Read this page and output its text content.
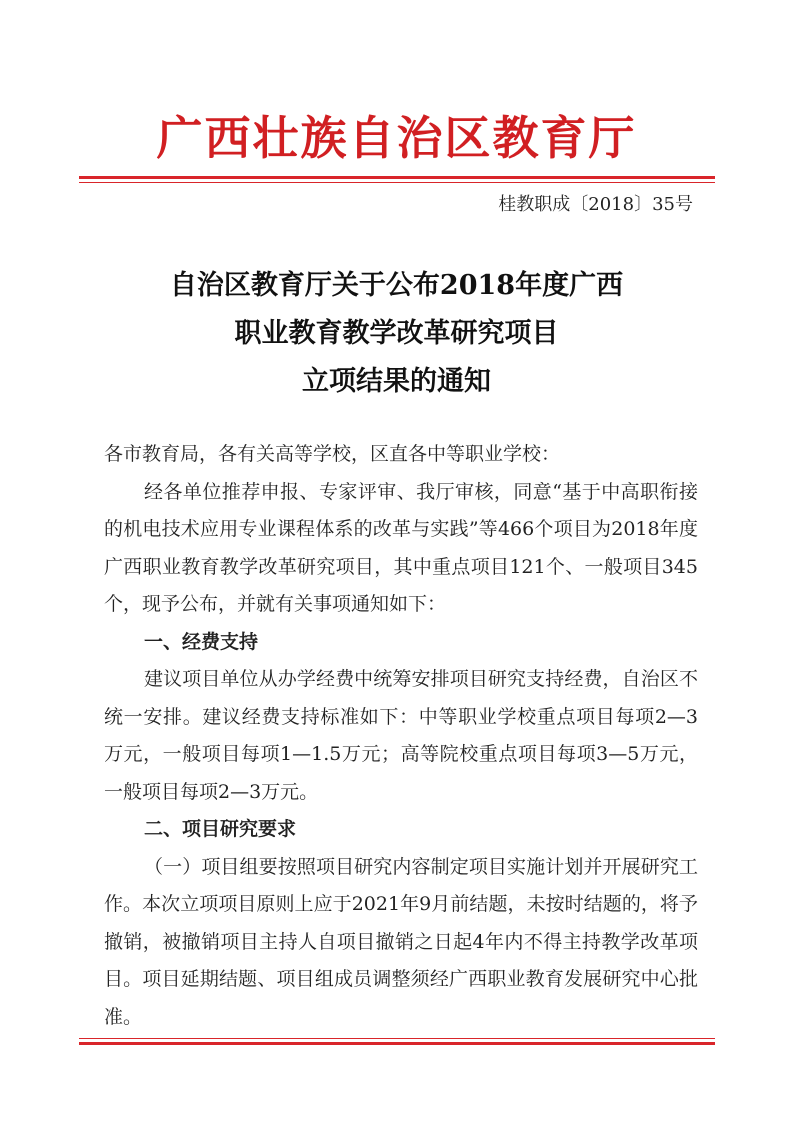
广西壮族自治区教育厅
桂教职成〔2018〕35号
自治区教育厅关于公布2018年度广西
职业教育教学改革研究项目
立项结果的通知

各市教育局，各有关高等学校，区直各中等职业学校：

经各单位推荐申报、专家评审、我厅审核，同意“基于中高职衔接的机电技术应用专业课程体系的改革与实践”等466个项目为2018年度广西职业教育教学改革研究项目，其中重点项目121个、一般项目345个，现予公布，并就有关事项通知如下：

一、经费支持

建议项目单位从办学经费中统筹安排项目研究支持经费，自治区不统一安排。建议经费支持标准如下：中等职业学校重点项目每项2—3万元，一般项目每项1—1.5万元；高等院校重点项目每项3—5万元，一般项目每项2—3万元。

二、项目研究要求

（一）项目组要按照项目研究内容制定项目实施计划并开展研究工作。本次立项项目原则上应于2021年9月前结题，未按时结题的，将予撤销，被撤销项目主持人自项目撤销之日起4年内不得主持教学改革项目。项目延期结题、项目组成员调整须经广西职业教育发展研究中心批准。
